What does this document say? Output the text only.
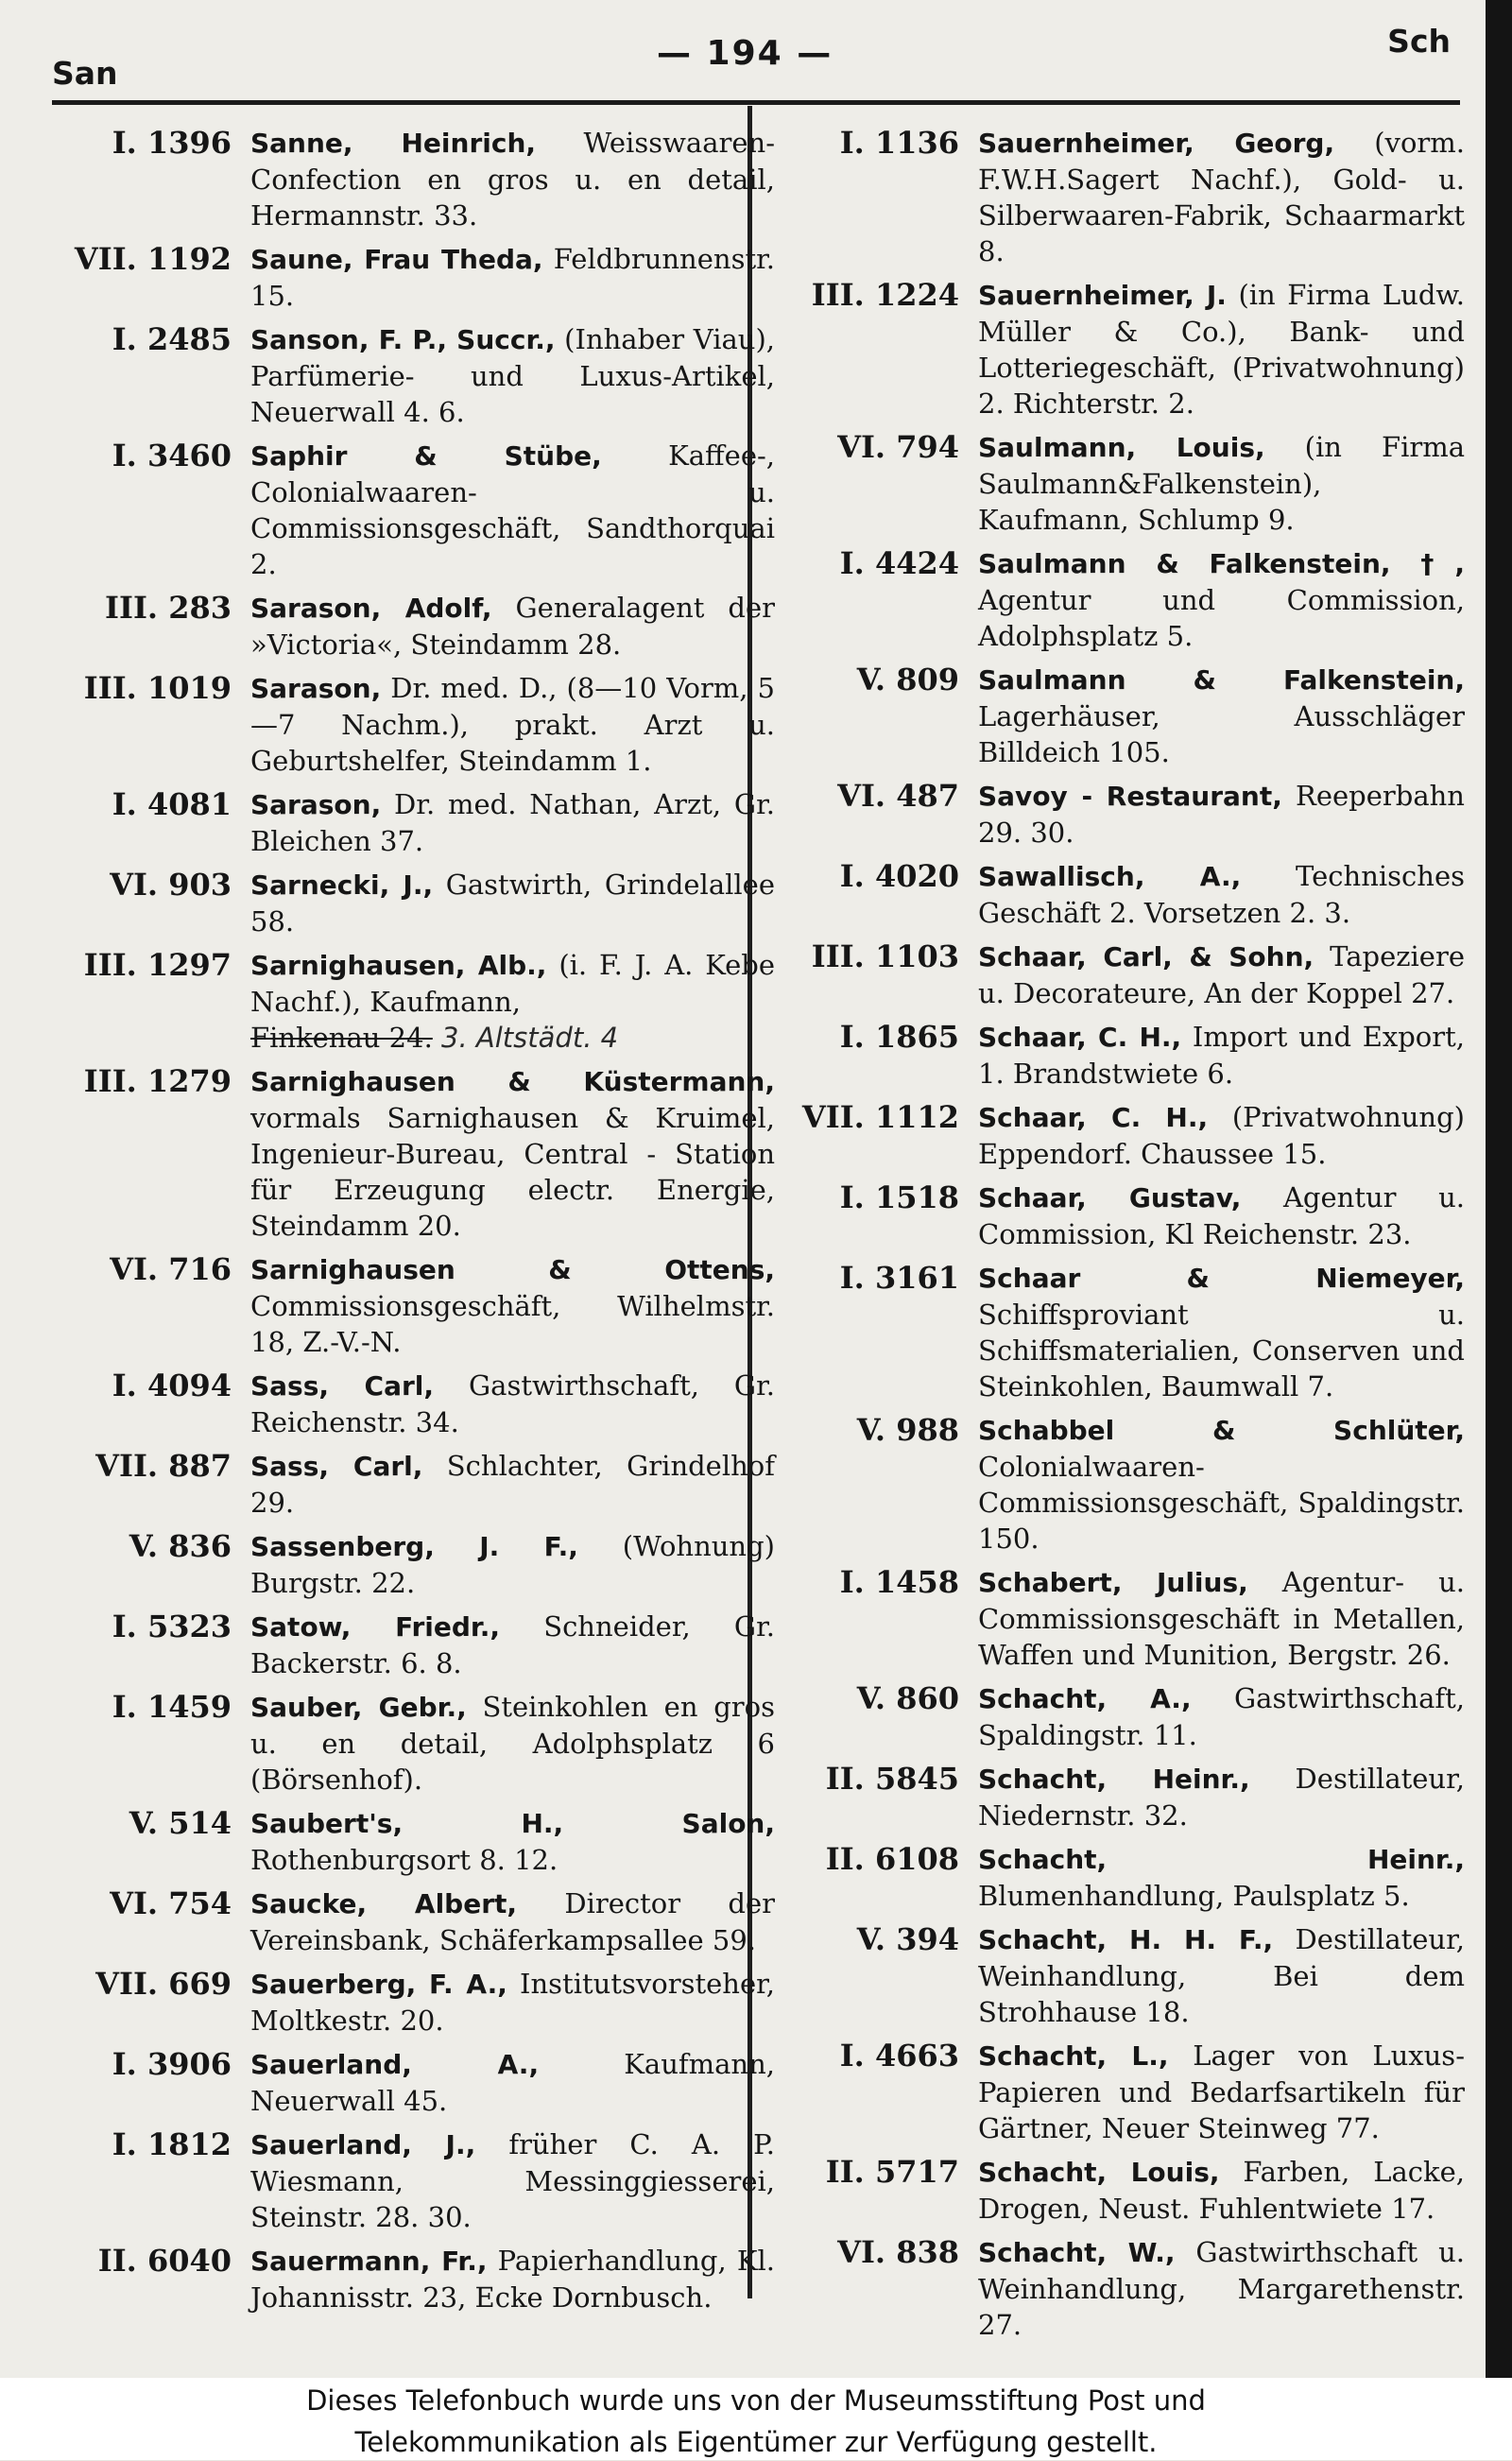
San
— 194 —	Sch
I. 1396 Sanne, Heinrich, Weisswaaren-Confection en gros u. en detail, Hermannstr. 33.
VII. 1192 Saune, Frau Theda, Feldbrunnenstr. 15.
I. 2485 Sanson, F. P., Succr., (Inhaber Viau), Parfümerie- und Luxus-Artikel, Neuerwall 4. 6.
I. 3460 Saphir & Stübe, Kaffee-, Colonialwaaren- u. Commissionsgeschäft, Sandthorquai 2.
III. 283 Sarason, Adolf, Generalagent der »Victoria«, Steindamm 28.
III. 1019 Sarason, Dr. med. D., (8—10 Vorm, 5—7 Nachm.), prakt. Arzt u. Geburtshelfer, Steindamm 1.
I. 4081 Sarason, Dr. med. Nathan, Arzt, Gr. Bleichen 37.
VI. 903 Sarnecki, J., Gastwirth, Grindelallee 58.
III. 1297 Sarnighausen, Alb., (i. F. J. A. Kebe Nachf.), Kaufmann,
Finkenau 24. 3. Altstädt. 4
III. 1279 Sarnighausen & Küstermann, vormals Sarnighausen & Kruimel, Ingenieur-Bureau, Central - Station für Erzeugung electr. Energie, Steindamm 20.
VI. 716 Sarnighausen & Ottens, Commissionsgeschäft, Wilhelmstr. 18, Z.-V.-N.
I. 4094 Sass, Carl, Gastwirthschaft, Gr. Reichenstr. 34.
VII. 887 Sass, Carl, Schlachter, Grindelhof 29.
V. 836 Sassenberg, J. F., (Wohnung) Burgstr. 22.
I. 5323 Satow, Friedr., Schneider, Gr. Backerstr. 6. 8.
I. 1459 Sauber, Gebr., Steinkohlen en gros u. en detail, Adolphsplatz 6 (Börsenhof).
V. 514 Saubert's, H., Salon, Rothenburgsort 8. 12.
VI. 754 Saucke, Albert, Director der Vereinsbank, Schäferkampsallee 59.
VII. 669 Sauerberg, F. A., Institutsvorsteher, Moltkestr. 20.
I. 3906 Sauerland, A., Kaufmann, Neuerwall 45.
I. 1812 Sauerland, J., früher C. A. P. Wiesmann, Messinggiesserei, Steinstr. 28. 30.
II. 6040 Sauermann, Fr., Papierhandlung, Kl. Johannisstr. 23, Ecke Dornbusch.
I. 1136 Sauernheimer, Georg, (vorm. F.W.H.Sagert Nachf.), Gold- u. Silberwaaren-Fabrik, Schaarmarkt 8.
III. 1224 Sauernheimer, J. (in Firma Ludw. Müller & Co.), Bank- und Lotteriegeschäft, (Privatwohnung) 2. Richterstr. 2.
VI. 794 Saulmann, Louis, (in Firma Saulmann&Falkenstein), Kaufmann, Schlump 9.
I. 4424 Saulmann & Falkenstein, †, Agentur und Commission, Adolphsplatz 5.
V. 809 Saulmann & Falkenstein, Lagerhäuser, Ausschläger Billdeich 105.
VI. 487 Savoy - Restaurant, Reeperbahn 29. 30.
I. 4020 Sawallisch, A., Technisches Geschäft 2. Vorsetzen 2. 3.
III. 1103 Schaar, Carl, & Sohn, Tapeziere u. Decorateure, An der Koppel 27.
I. 1865 Schaar, C. H., Import und Export, 1. Brandstwiete 6.
VII. 1112 Schaar, C. H., (Privatwohnung) Eppendorf. Chaussee 15.
I. 1518 Schaar, Gustav, Agentur u. Commission, Kl Reichenstr. 23.
I. 3161 Schaar & Niemeyer, Schiffsproviant u. Schiffsmaterialien, Conserven und Steinkohlen, Baumwall 7.
V. 988 Schabbel & Schlüter, Colonialwaaren-Commissionsgeschäft, Spaldingstr. 150.
I. 1458 Schabert, Julius, Agentur- u. Commissionsgeschäft in Metallen, Waffen und Munition, Bergstr. 26.
V. 860 Schacht, A., Gastwirthschaft, Spaldingstr. 11.
II. 5845 Schacht, Heinr., Destillateur, Niedernstr. 32.
II. 6108 Schacht, Heinr., Blumenhandlung, Paulsplatz 5.
V. 394 Schacht, H. H. F., Destillateur, Weinhandlung, Bei dem Strohhause 18.
I. 4663 Schacht, L., Lager von Luxus-Papieren und Bedarfsartikeln für Gärtner, Neuer Steinweg 77.
II. 5717 Schacht, Louis, Farben, Lacke, Drogen, Neust. Fuhlentwiete 17.
VI. 838 Schacht, W., Gastwirthschaft u. Weinhandlung, Margarethenstr. 27.
Dieses Telefonbuch wurde uns von der Museumsstiftung Post und
Telekommunikation als Eigentümer zur Verfügung gestellt.
